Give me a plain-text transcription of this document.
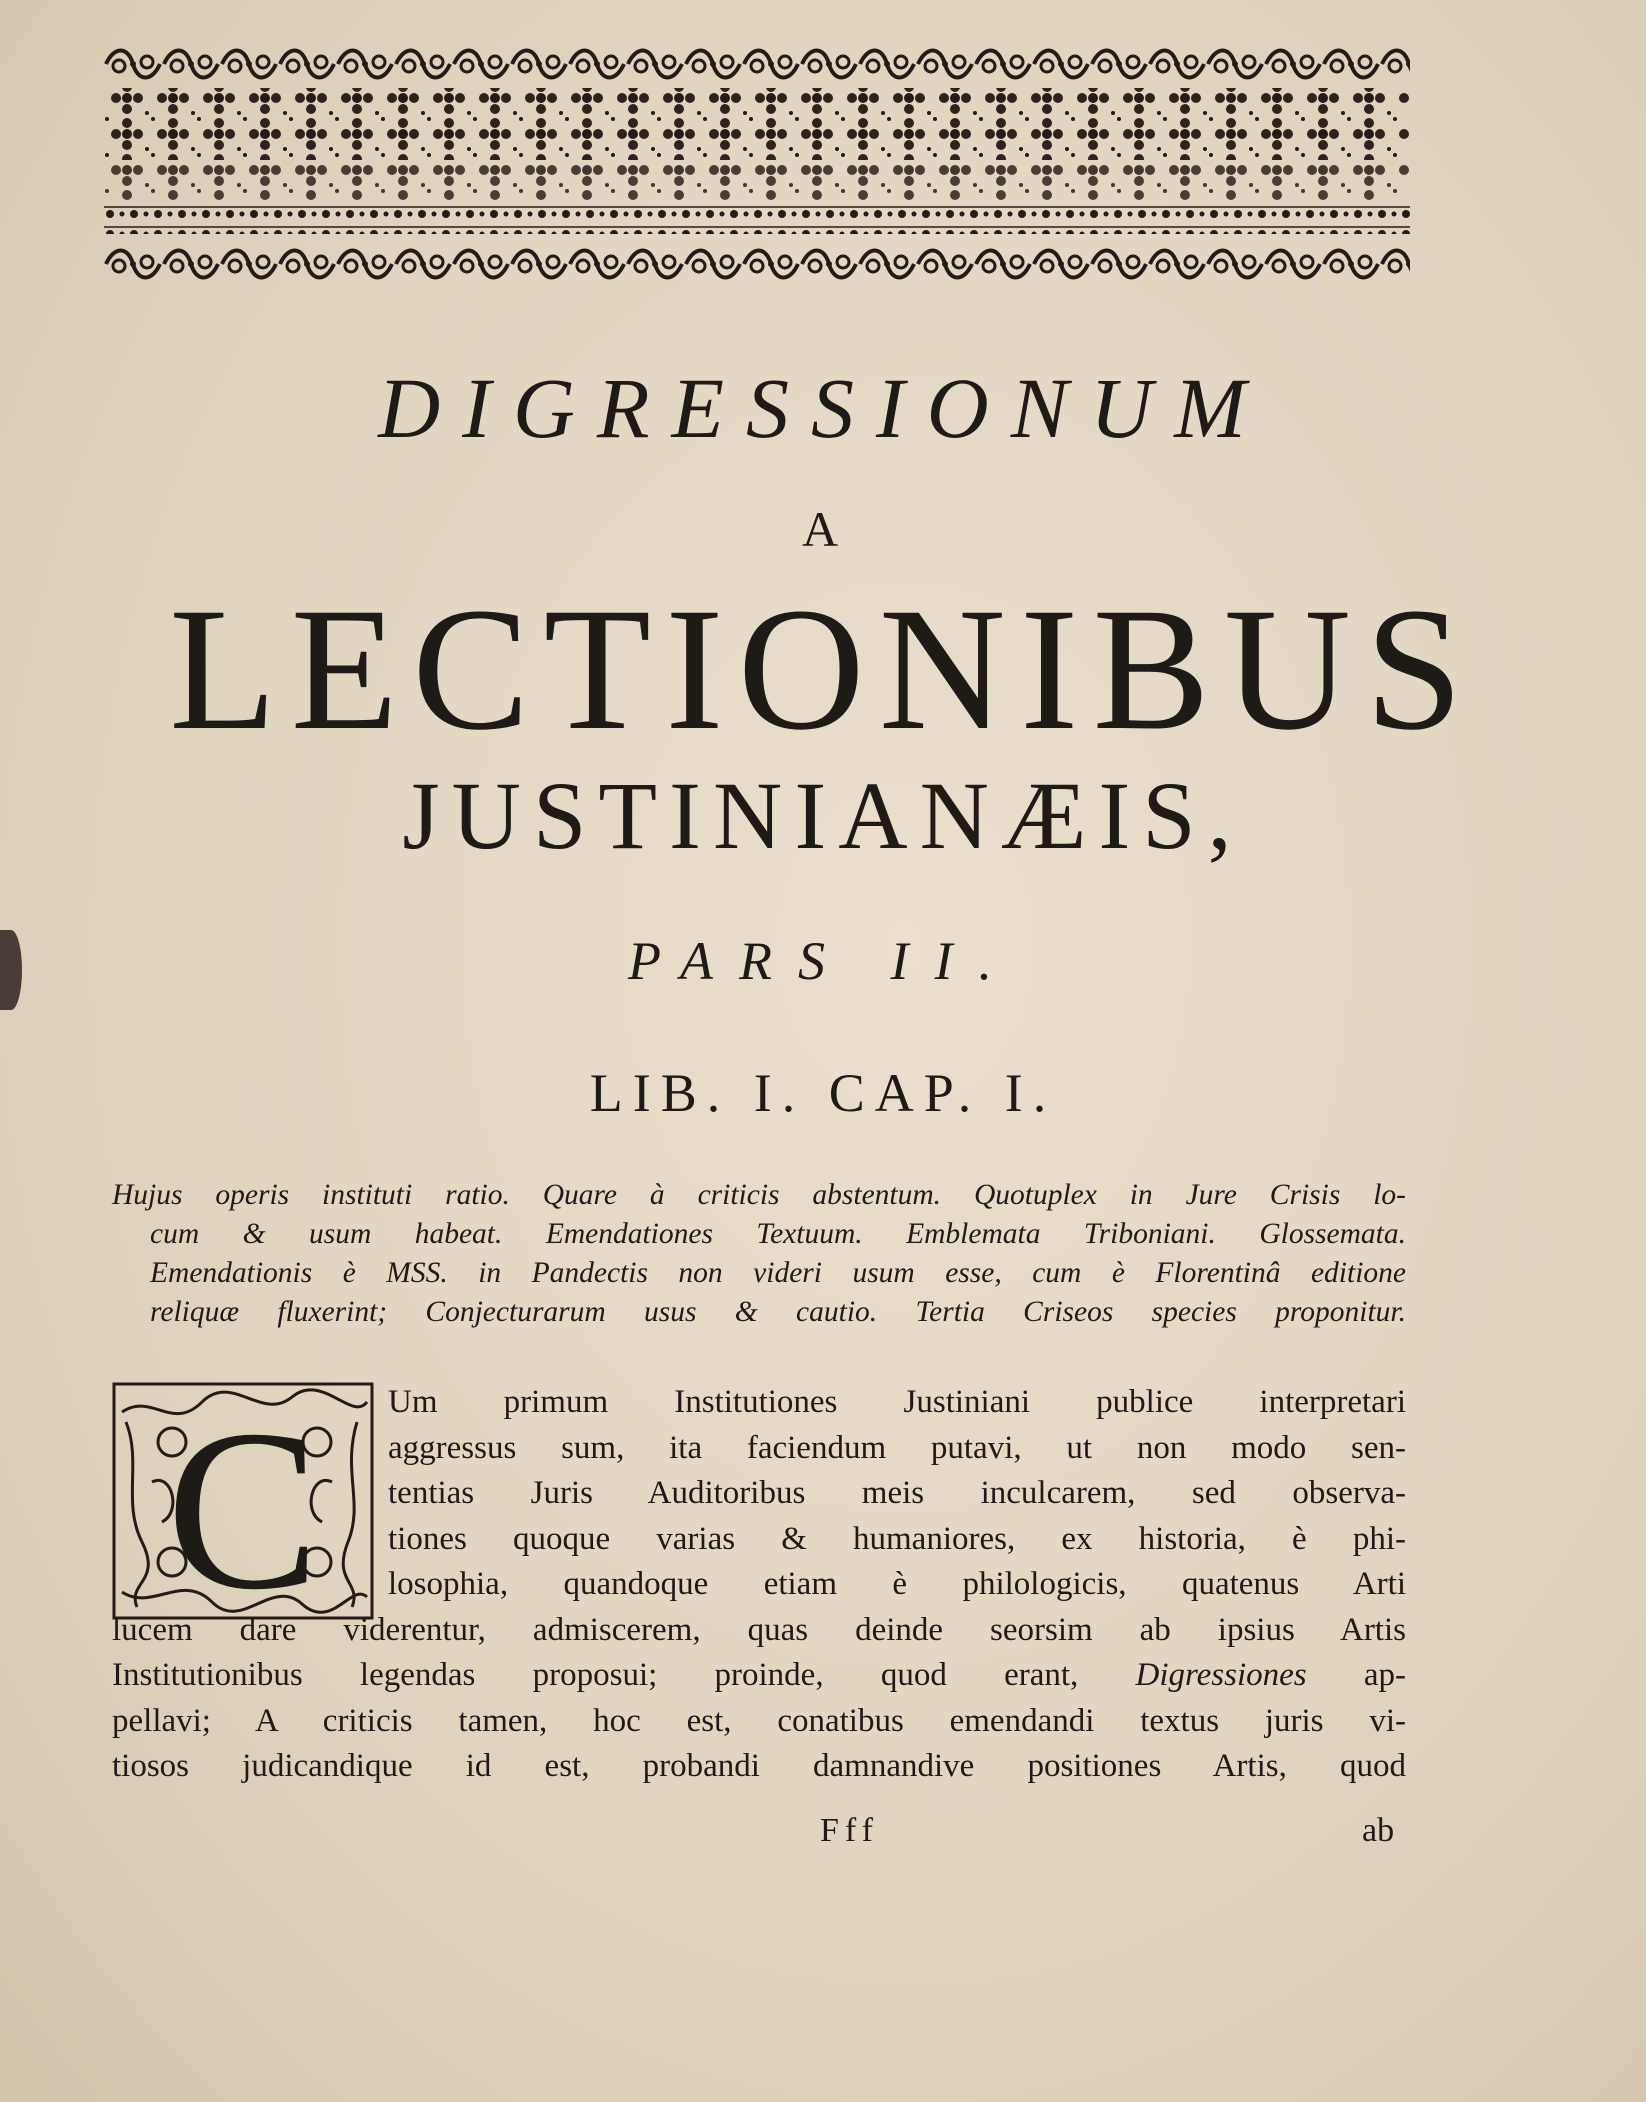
DIGRESSIONUM
A
LECTIONIBUS
JUSTINIANÆIS,
PARS II.
LIB. I. CAP. I.
Hujus operis instituti ratio. Quare à criticis abstentum. Quotuplex in Jure Crisis lo-
cum & usum habeat. Emendationes Textuum. Emblemata Triboniani. Glossemata.
Emendationis è MSS. in Pandectis non videri usum esse, cum è Florentinâ editione
reliquæ fluxerint; Conjecturarum usus & cautio. Tertia Criseos species proponitur.
C	Um primum Institutiones Justiniani publice interpretari
aggressus sum, ita faciendum putavi, ut non modo sen-
tentias Juris Auditoribus meis inculcarem, sed observa-
tiones quoque varias & humaniores, ex historia, è phi-
losophia, quandoque etiam è philologicis, quatenus Arti
lucem dare viderentur, admiscerem, quas deinde seorsim ab ipsius Artis
Institutionibus legendas proposui; proinde, quod erant, Digressiones ap-
pellavi; A criticis tamen, hoc est, conatibus emendandi textus juris vi-
tiosos judicandique id est, probandi damnandive positiones Artis, quod
Fff	ab
